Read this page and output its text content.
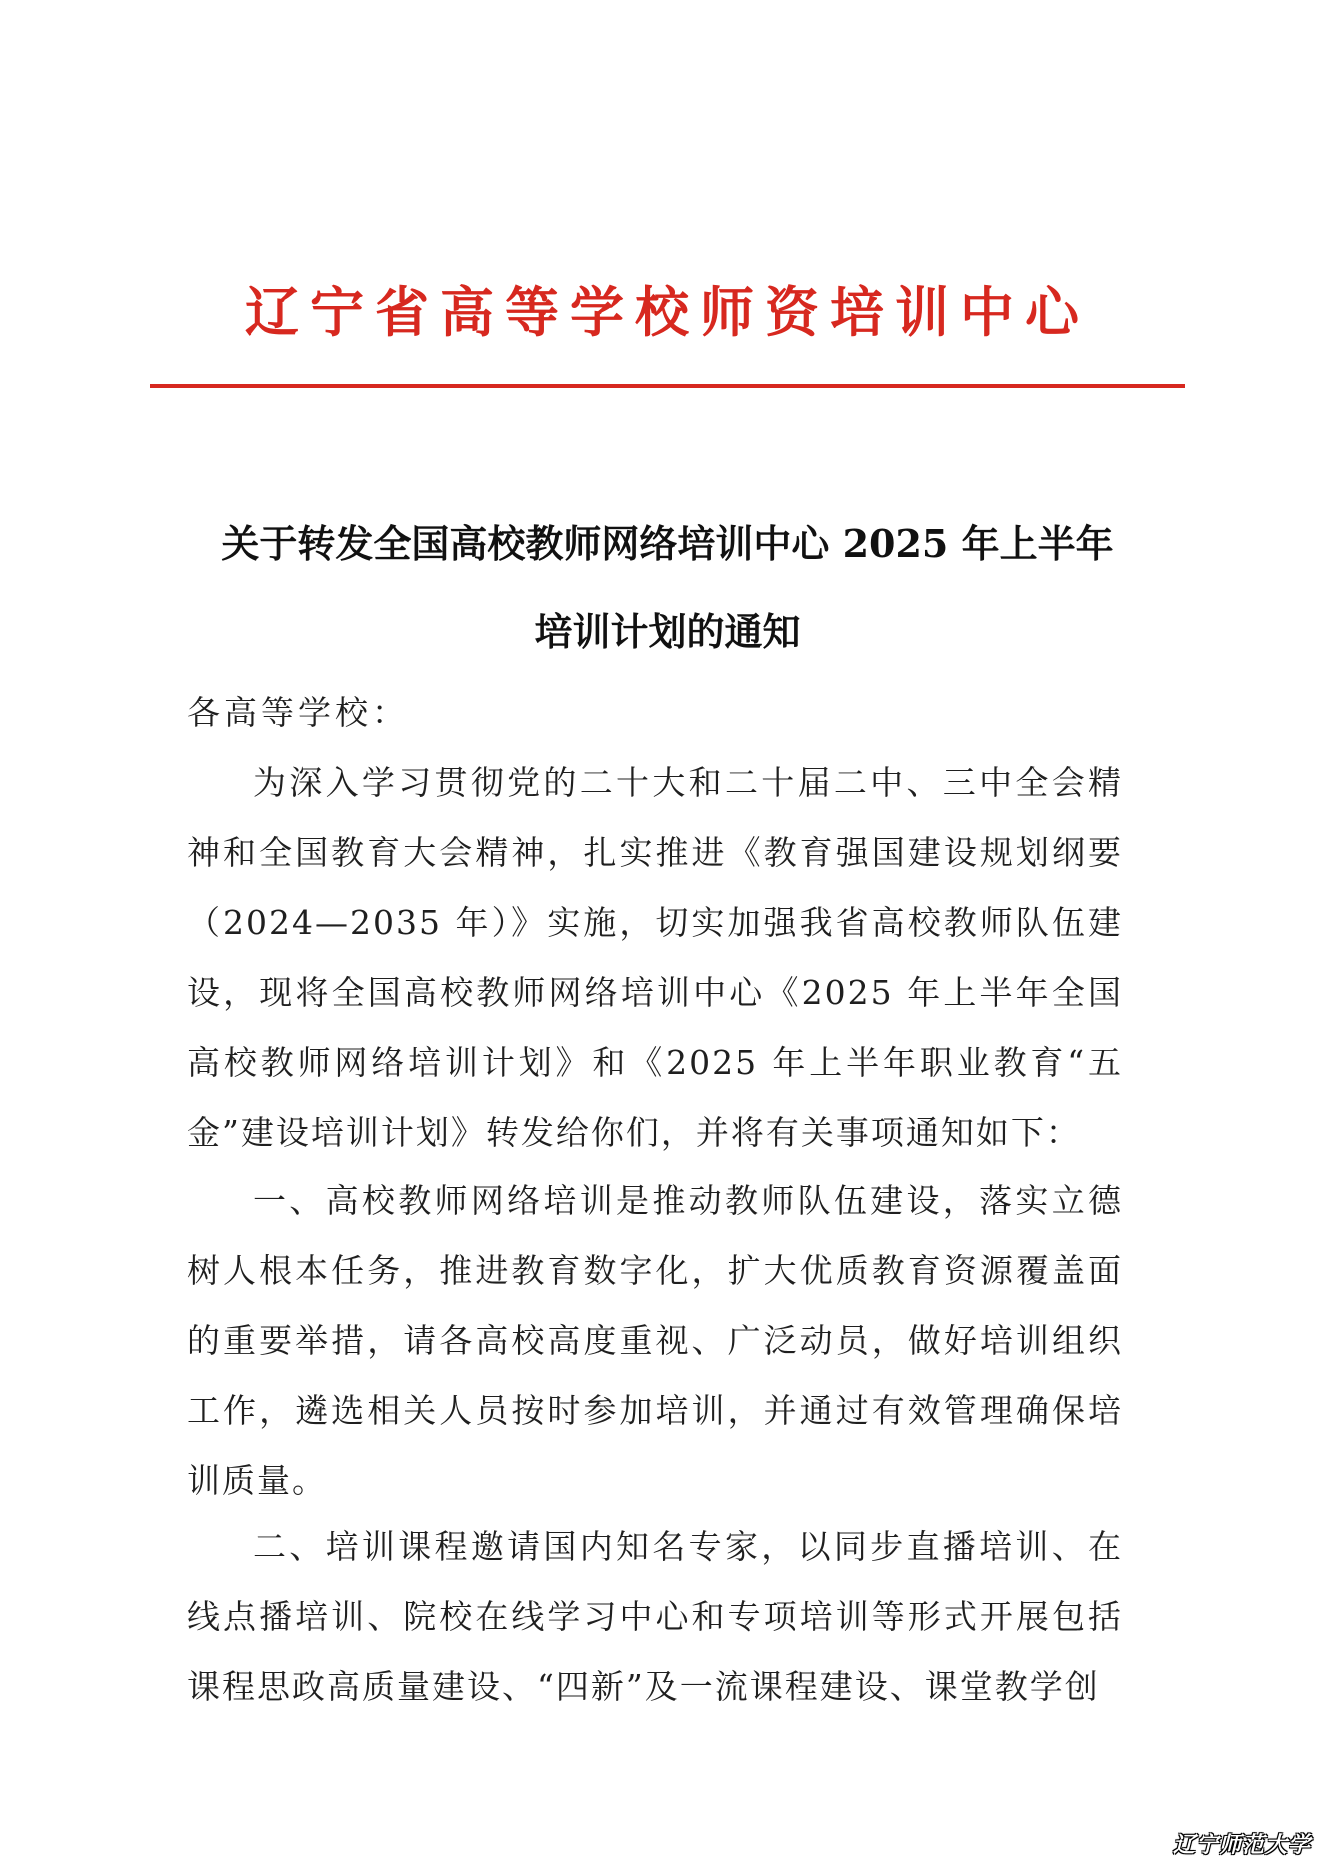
辽宁省高等学校师资培训中心
关于转发全国高校教师网络培训中心 2025 年上半年
培训计划的通知
各高等学校：
为深入学习贯彻党的二十大和二十届二中、三中全会精神和全国教育大会精神，扎实推进《教育强国建设规划纲要（2024—2035 年）》实施，切实加强我省高校教师队伍建设，现将全国高校教师网络培训中心《2025 年上半年全国高校教师网络培训计划》和《2025 年上半年职业教育“五金”建设培训计划》转发给你们，并将有关事项通知如下：
一、高校教师网络培训是推动教师队伍建设，落实立德树人根本任务，推进教育数字化，扩大优质教育资源覆盖面的重要举措，请各高校高度重视、广泛动员，做好培训组织工作，遴选相关人员按时参加培训，并通过有效管理确保培训质量。
二、培训课程邀请国内知名专家，以同步直播培训、在线点播培训、院校在线学习中心和专项培训等形式开展包括课程思政高质量建设、“四新”及一流课程建设、课堂教学创
辽宁师范大学
